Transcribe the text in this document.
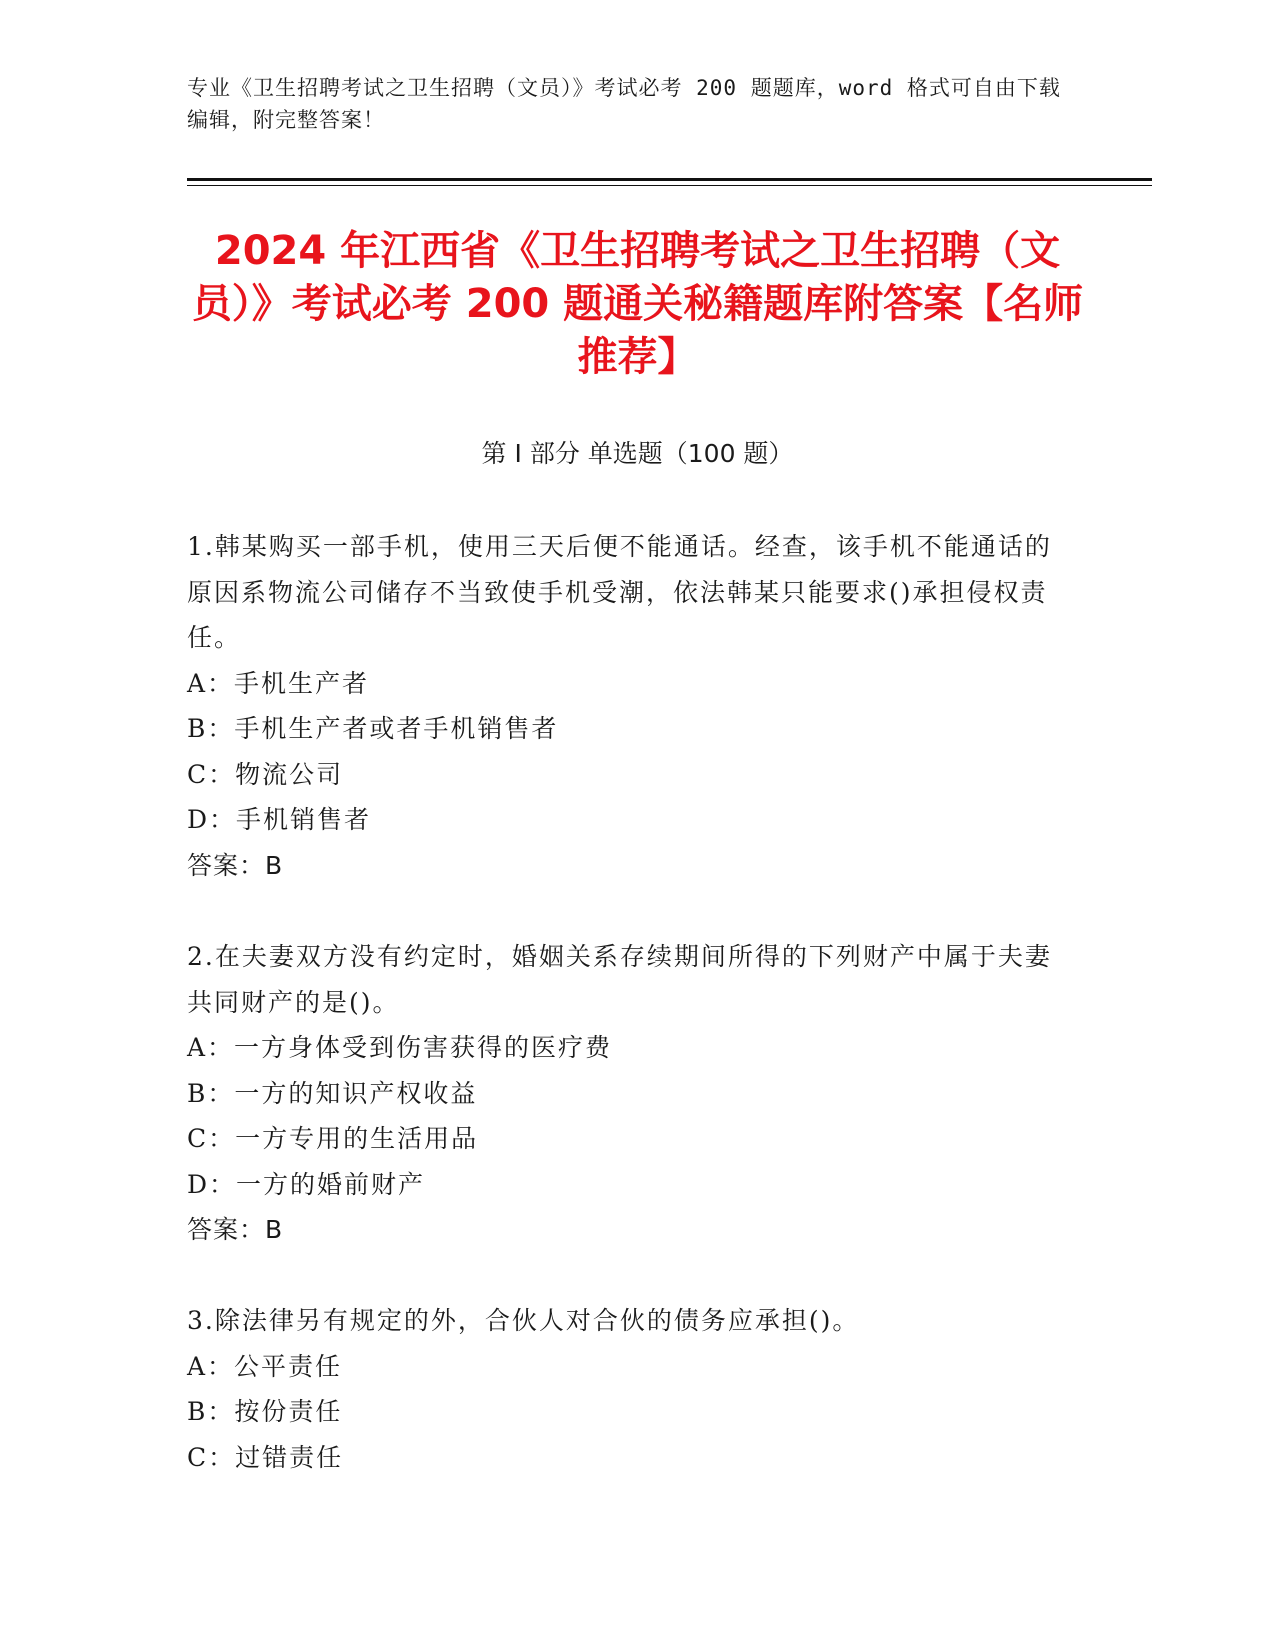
专业《卫生招聘考试之卫生招聘（文员）》考试必考 200 题题库，word 格式可自由下载编辑，附完整答案！
2024 年江西省《卫生招聘考试之卫生招聘（文员）》考试必考 200 题通关秘籍题库附答案【名师推荐】
第 I 部分 单选题（100 题）

1.韩某购买一部手机，使用三天后便不能通话。经查，该手机不能通话的原因系物流公司储存不当致使手机受潮，依法韩某只能要求()承担侵权责任。

A：手机生产者

B：手机生产者或者手机销售者

C：物流公司

D：手机销售者

答案：B

2.在夫妻双方没有约定时，婚姻关系存续期间所得的下列财产中属于夫妻共同财产的是()。

A：一方身体受到伤害获得的医疗费

B：一方的知识产权收益

C：一方专用的生活用品

D：一方的婚前财产

答案：B

3.除法律另有规定的外，合伙人对合伙的债务应承担()。

A：公平责任

B：按份责任

C：过错责任
